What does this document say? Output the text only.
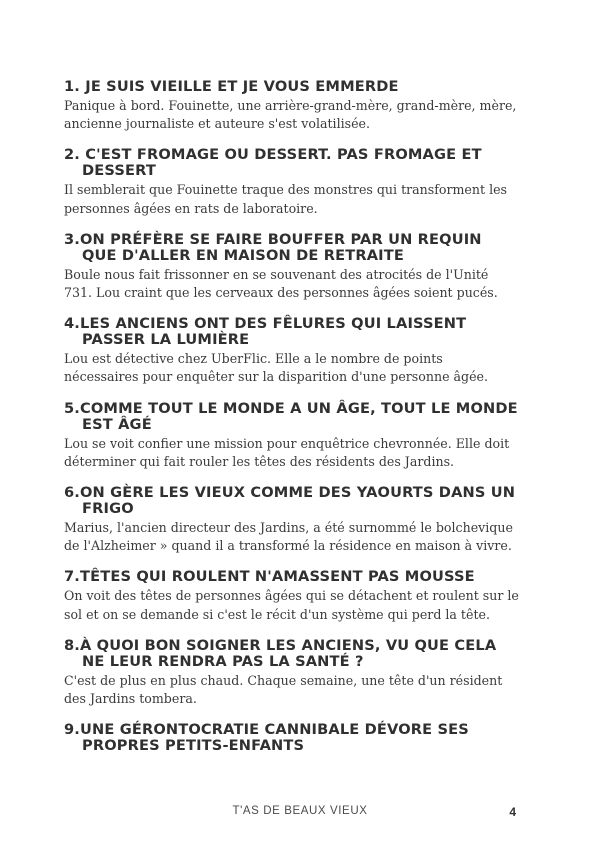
1. JE SUIS VIEILLE ET JE VOUS EMMERDE

Panique à bord. Fouinette, une arrière-grand-mère, grand-mère, mère, ancienne journaliste et auteure s'est volatilisée.

2. C'EST FROMAGE OU DESSERT. PAS FROMAGE ET DESSERT

Il semblerait que Fouinette traque des monstres qui transforment les personnes âgées en rats de laboratoire.

3.ON PRÉFÈRE SE FAIRE BOUFFER PAR UN REQUIN QUE D'ALLER EN MAISON DE RETRAITE

Boule nous fait frissonner en se souvenant des atrocités de l'Unité 731. Lou craint que les cerveaux des personnes âgées soient pucés.

4.LES ANCIENS ONT DES FÊLURES QUI LAISSENT PASSER LA LUMIÈRE

Lou est détective chez UberFlic. Elle a le nombre de points nécessaires pour enquêter sur la disparition d'une personne âgée.

5.COMME TOUT LE MONDE A UN ÂGE, TOUT LE MONDE EST ÂGÉ

Lou se voit confier une mission pour enquêtrice chevronnée. Elle doit déterminer qui fait rouler les têtes des résidents des Jardins.

6.ON GÈRE LES VIEUX COMME DES YAOURTS DANS UN FRIGO

Marius, l'ancien directeur des Jardins, a été surnommé le bolchevique de l'Alzheimer » quand il a transformé la résidence en maison à vivre.

7.TÊTES QUI ROULENT N'AMASSENT PAS MOUSSE

On voit des têtes de personnes âgées qui se détachent et roulent sur le sol et on se demande si c'est le récit d'un système qui perd la tête.

8.À QUOI BON SOIGNER LES ANCIENS, VU QUE CELA NE LEUR RENDRA PAS LA SANTÉ ?

C'est de plus en plus chaud. Chaque semaine, une tête d'un résident des Jardins tombera.

9.UNE GÉRONTOCRATIE CANNIBALE DÉVORE SES PROPRES PETITS-ENFANTS

T'AS DE BEAUX VIEUX	4
